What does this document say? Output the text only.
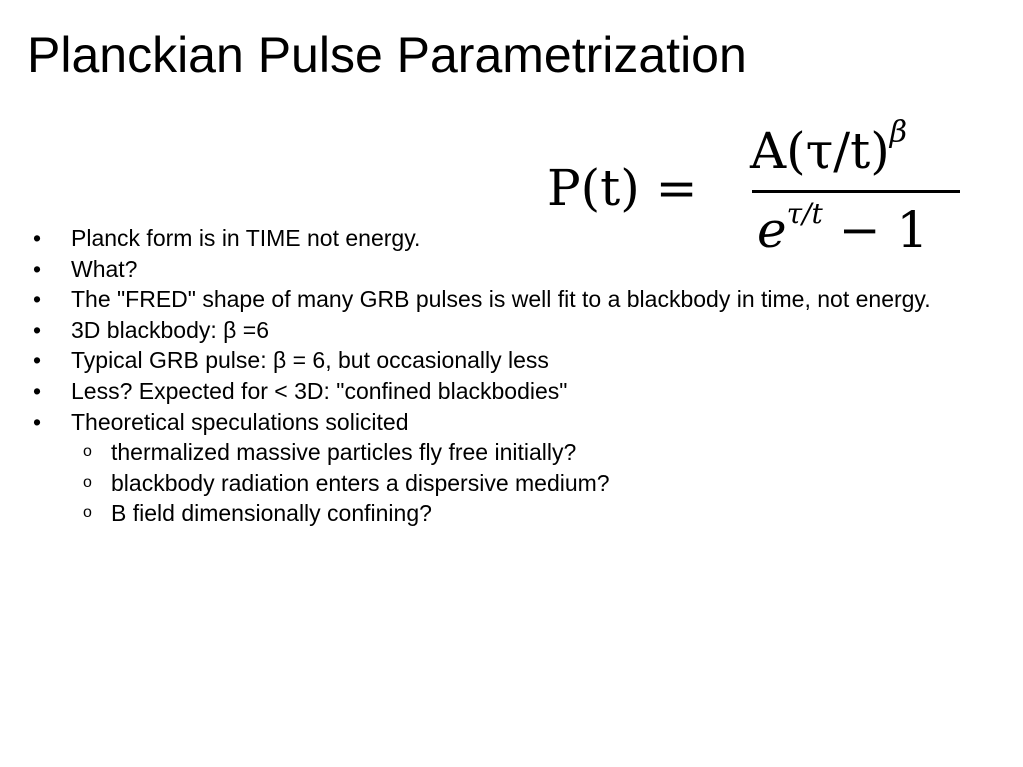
Planckian Pulse Parametrization
P(t) =
$A(\tau/t)^\beta$
$e^{\tau/t} - 1$
• Planck form is in TIME not energy.
• What?
• The "FRED" shape of many GRB pulses is well fit to a blackbody in time, not energy.
• 3D blackbody: β =6
• Typical GRB pulse: β = 6, but occasionally less
• Less? Expected for < 3D: "confined blackbodies"
• Theoretical speculations solicited
o thermalized massive particles fly free initially?
o blackbody radiation enters a dispersive medium?
o B field dimensionally confining?
